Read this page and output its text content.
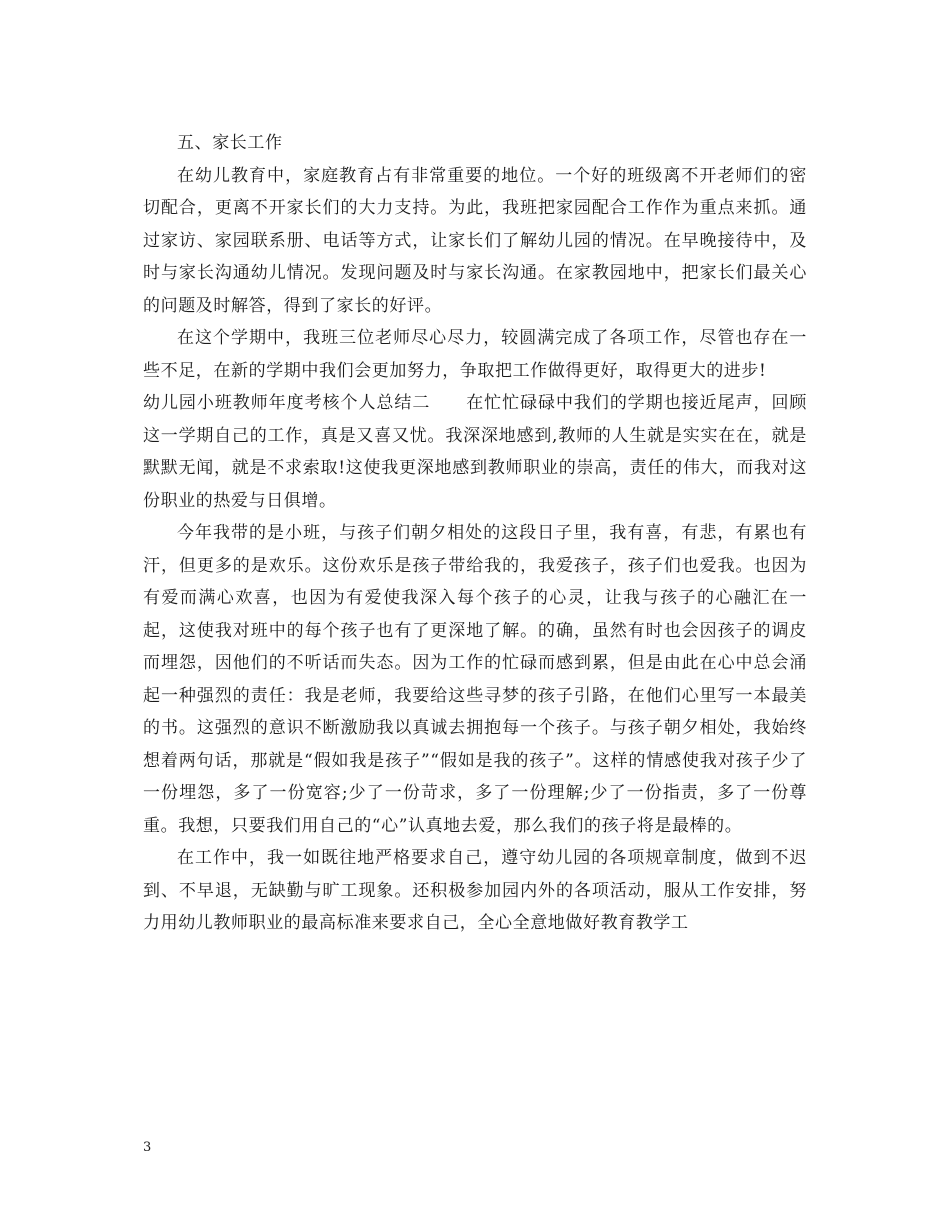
五、家长工作

在幼儿教育中，家庭教育占有非常重要的地位。一个好的班级离不开老师们的密切配合，更离不开家长们的大力支持。为此，我班把家园配合工作作为重点来抓。通过家访、家园联系册、电话等方式，让家长们了解幼儿园的情况。在早晚接待中，及时与家长沟通幼儿情况。发现问题及时与家长沟通。在家教园地中，把家长们最关心的问题及时解答，得到了家长的好评。

在这个学期中，我班三位老师尽心尽力，较圆满完成了各项工作，尽管也存在一些不足，在新的学期中我们会更加努力，争取把工作做得更好，取得更大的进步!

幼儿园小班教师年度考核个人总结二　　在忙忙碌碌中我们的学期也接近尾声，回顾这一学期自己的工作，真是又喜又忧。我深深地感到,教师的人生就是实实在在，就是默默无闻，就是不求索取!这使我更深地感到教师职业的崇高，责任的伟大，而我对这份职业的热爱与日俱增。

今年我带的是小班，与孩子们朝夕相处的这段日子里，我有喜，有悲，有累也有汗，但更多的是欢乐。这份欢乐是孩子带给我的，我爱孩子，孩子们也爱我。也因为有爱而满心欢喜，也因为有爱使我深入每个孩子的心灵，让我与孩子的心融汇在一起，这使我对班中的每个孩子也有了更深地了解。的确，虽然有时也会因孩子的调皮而埋怨，因他们的不听话而失态。因为工作的忙碌而感到累，但是由此在心中总会涌起一种强烈的责任：我是老师，我要给这些寻梦的孩子引路，在他们心里写一本最美的书。这强烈的意识不断激励我以真诚去拥抱每一个孩子。与孩子朝夕相处，我始终想着两句话，那就是“假如我是孩子”“假如是我的孩子”。这样的情感使我对孩子少了一份埋怨，多了一份宽容;少了一份苛求，多了一份理解;少了一份指责，多了一份尊重。我想，只要我们用自己的“心”认真地去爱，那么我们的孩子将是最棒的。

在工作中，我一如既往地严格要求自己，遵守幼儿园的各项规章制度，做到不迟到、不早退，无缺勤与旷工现象。还积极参加园内外的各项活动，服从工作安排，努力用幼儿教师职业的最高标准来要求自己，全心全意地做好教育教学工

3
